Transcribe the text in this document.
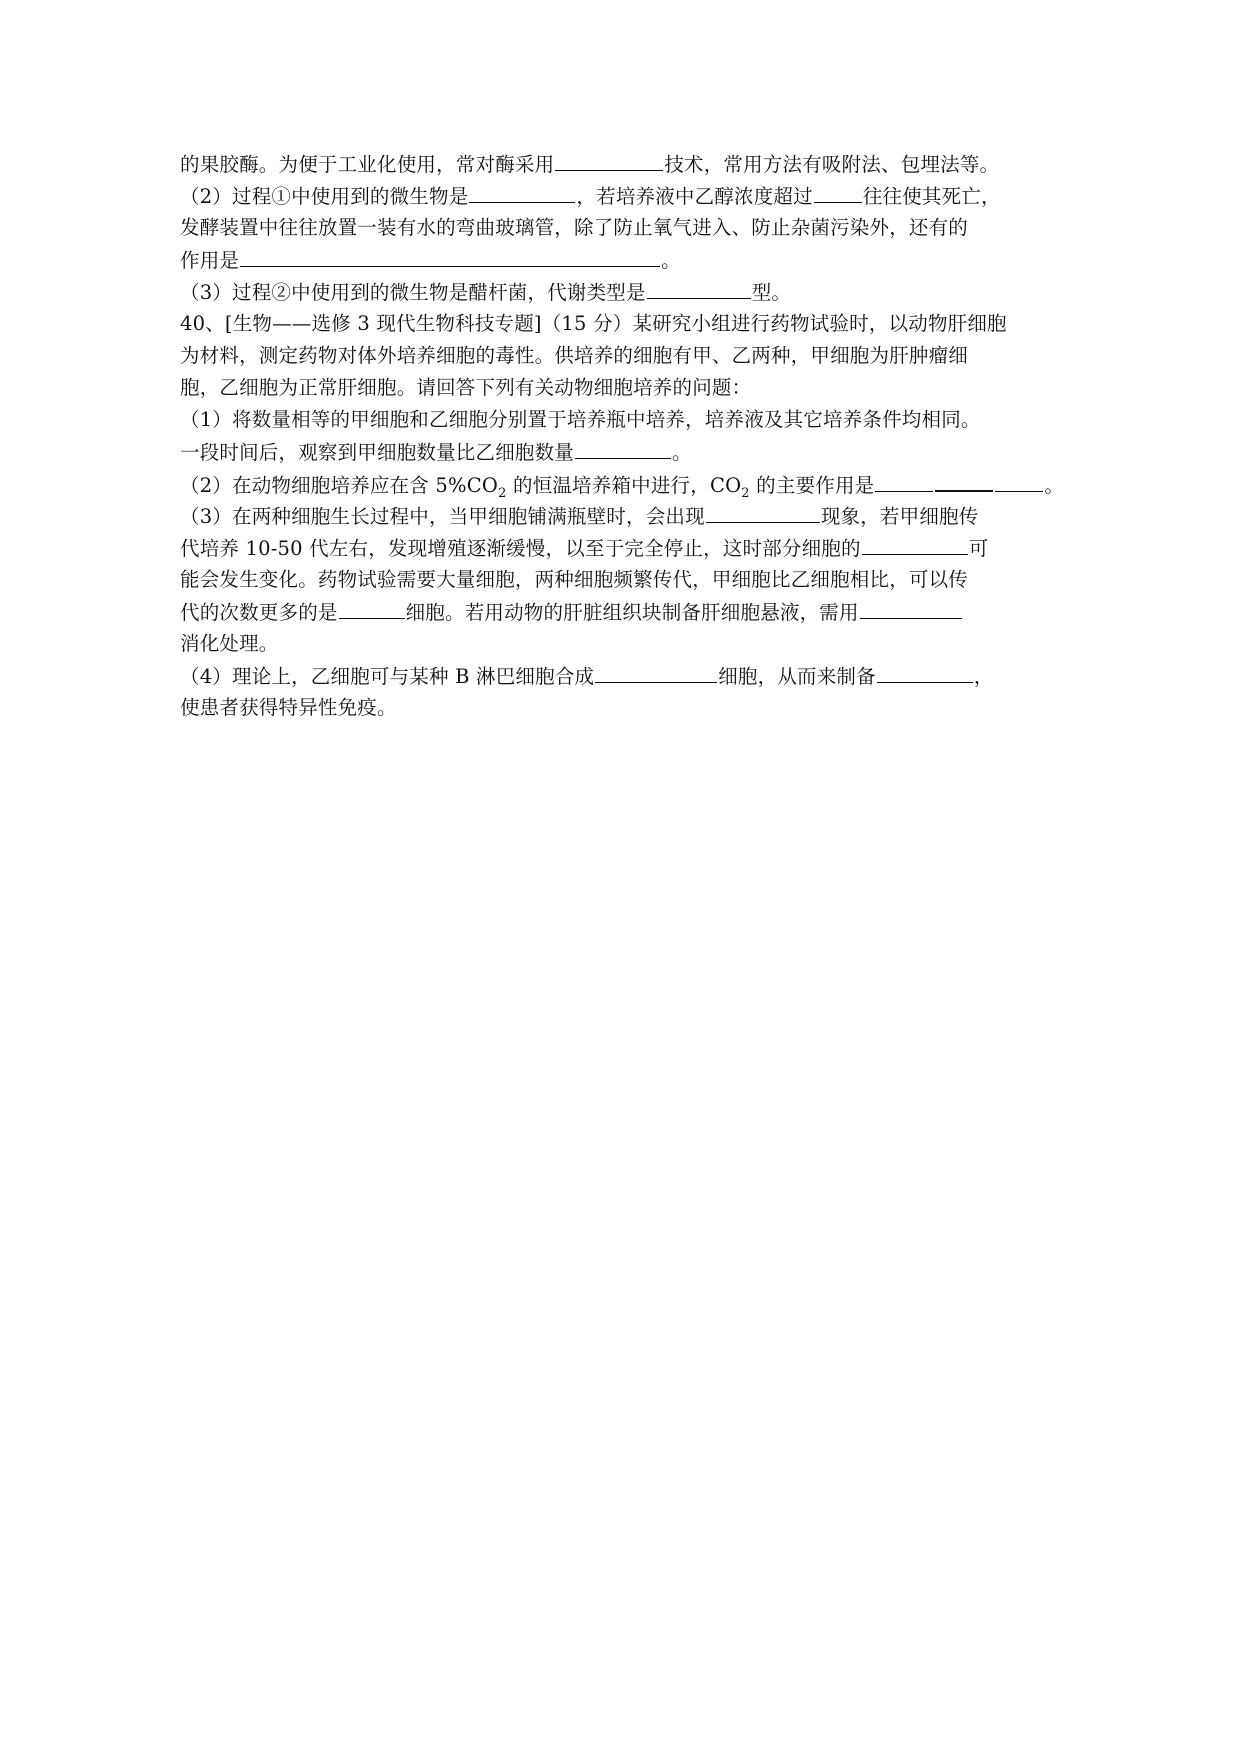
的果胶酶。为便于工业化使用，常对酶采用	技术，常用方法有吸附法、包埋法等。
（2）过程①中使用到的微生物是	，若培养液中乙醇浓度超过	往往使其死亡，
发酵装置中往往放置一装有水的弯曲玻璃管，除了防止氧气进入、防止杂菌污染外，还有的
作用是	。
（3）过程②中使用到的微生物是醋杆菌，代谢类型是	型。
40、[生物——选修 3 现代生物科技专题]（15 分）某研究小组进行药物试验时，以动物肝细胞
为材料，测定药物对体外培养细胞的毒性。供培养的细胞有甲、乙两种，甲细胞为肝肿瘤细
胞，乙细胞为正常肝细胞。请回答下列有关动物细胞培养的问题：
（1）将数量相等的甲细胞和乙细胞分别置于培养瓶中培养，培养液及其它培养条件均相同。
一段时间后，观察到甲细胞数量比乙细胞数量	。
（2）在动物细胞培养应在含 $5\%CO_2$ 的恒温培养箱中进行，$CO_2$ 的主要作用是	。
（3）在两种细胞生长过程中，当甲细胞铺满瓶壁时，会出现	现象，若甲细胞传
代培养 10-50 代左右，发现增殖逐渐缓慢，以至于完全停止，这时部分细胞的	可
能会发生变化。药物试验需要大量细胞，两种细胞频繁传代，甲细胞比乙细胞相比，可以传
代的次数更多的是	细胞。若用动物的肝脏组织块制备肝细胞悬液，需用
消化处理。
（4）理论上，乙细胞可与某种 B 淋巴细胞合成	细胞，从而来制备	，
使患者获得特异性免疫。
